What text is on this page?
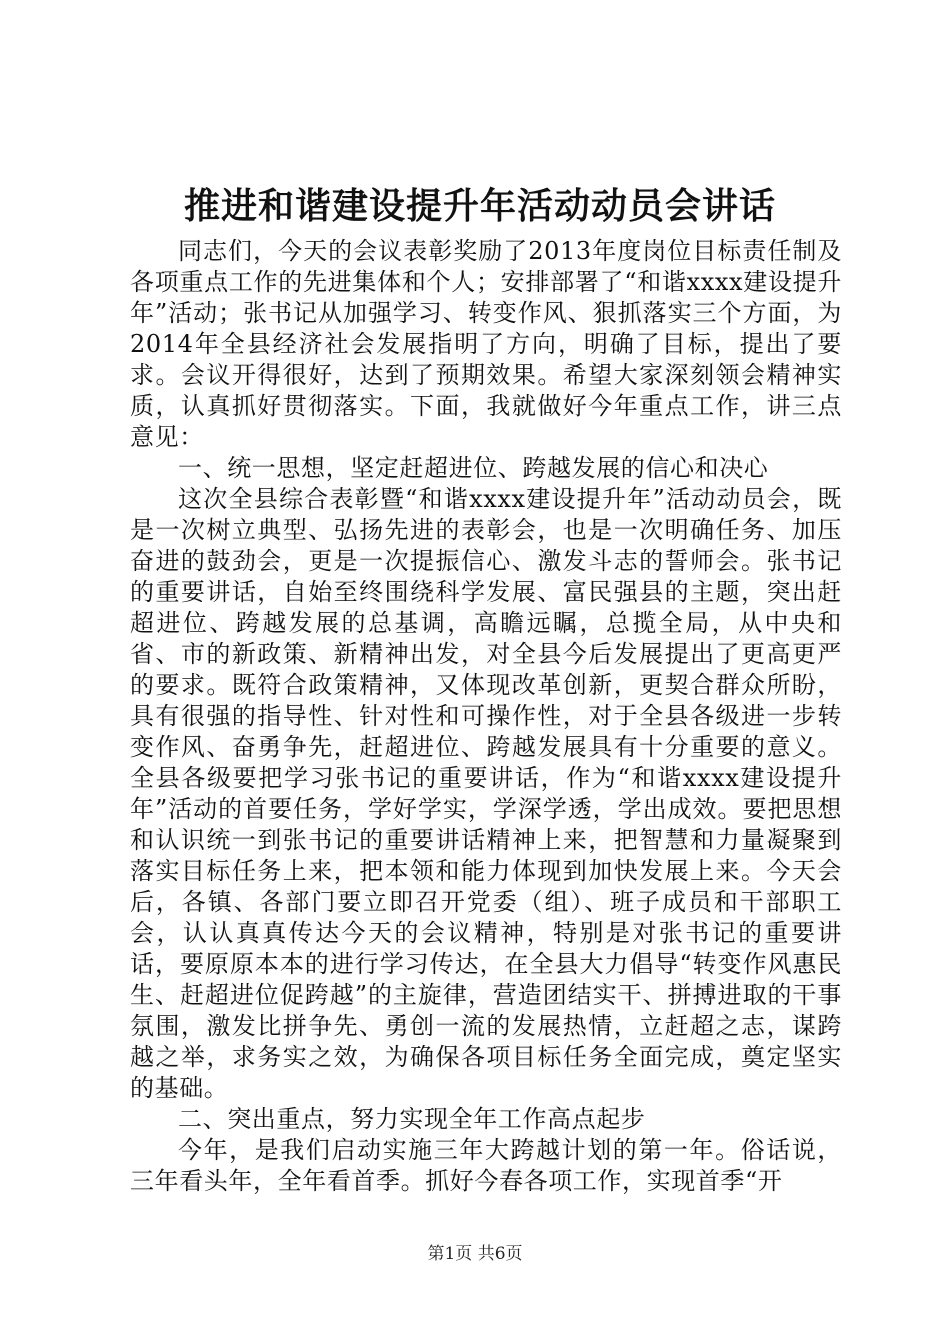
推进和谐建设提升年活动动员会讲话

同志们，今天的会议表彰奖励了2013年度岗位目标责任制及各项重点工作的先进集体和个人；安排部署了“和谐xxxx建设提升年”活动；张书记从加强学习、转变作风、狠抓落实三个方面，为2014年全县经济社会发展指明了方向，明确了目标，提出了要求。会议开得很好，达到了预期效果。希望大家深刻领会精神实质，认真抓好贯彻落实。下面，我就做好今年重点工作，讲三点意见：

一、统一思想，坚定赶超进位、跨越发展的信心和决心

这次全县综合表彰暨“和谐xxxx建设提升年”活动动员会，既是一次树立典型、弘扬先进的表彰会，也是一次明确任务、加压奋进的鼓劲会，更是一次提振信心、激发斗志的誓师会。张书记的重要讲话，自始至终围绕科学发展、富民强县的主题，突出赶超进位、跨越发展的总基调，高瞻远瞩，总揽全局，从中央和省、市的新政策、新精神出发，对全县今后发展提出了更高更严的要求。既符合政策精神，又体现改革创新，更契合群众所盼，具有很强的指导性、针对性和可操作性，对于全县各级进一步转变作风、奋勇争先，赶超进位、跨越发展具有十分重要的意义。全县各级要把学习张书记的重要讲话，作为“和谐xxxx建设提升年”活动的首要任务，学好学实，学深学透，学出成效。要把思想和认识统一到张书记的重要讲话精神上来，把智慧和力量凝聚到落实目标任务上来，把本领和能力体现到加快发展上来。今天会后，各镇、各部门要立即召开党委（组）、班子成员和干部职工会，认认真真传达今天的会议精神，特别是对张书记的重要讲话，要原原本本的进行学习传达，在全县大力倡导“转变作风惠民生、赶超进位促跨越”的主旋律，营造团结实干、拼搏进取的干事氛围，激发比拼争先、勇创一流的发展热情，立赶超之志，谋跨越之举，求务实之效，为确保各项目标任务全面完成，奠定坚实的基础。

二、突出重点，努力实现全年工作高点起步

今年，是我们启动实施三年大跨越计划的第一年。俗话说，三年看头年，全年看首季。抓好今春各项工作，实现首季“开

第1页 共6页
